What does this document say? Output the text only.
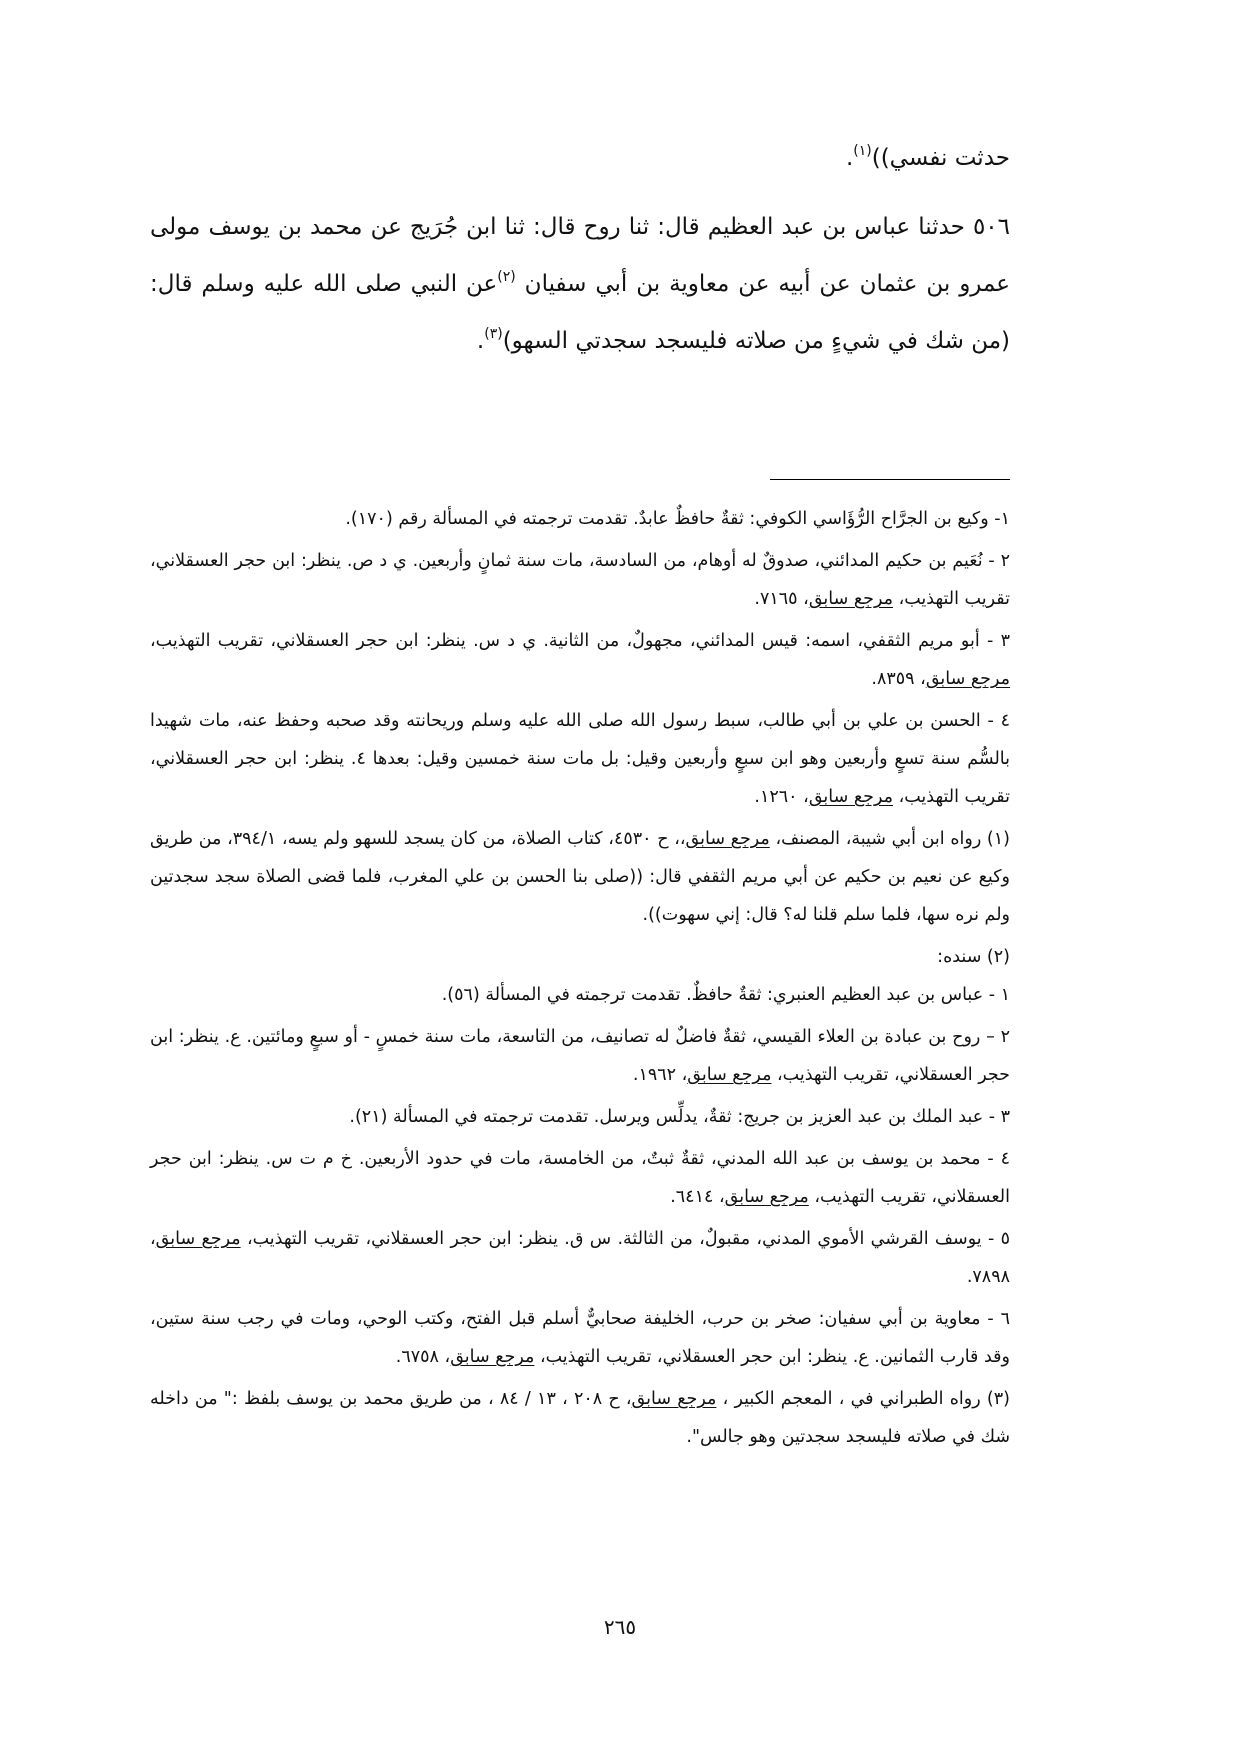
حدثت نفسي))$^{(١)}$.

٥٠٦ حدثنا عباس بن عبد العظيم قال: ثنا روح قال: ثنا ابن جُرَيج عن محمد بن يوسف مولى عمرو بن عثمان عن أبيه عن معاوية بن أبي سفيان $^{(٢)}$عن النبي صلى الله عليه وسلم قال: (من شك في شيءٍ من صلاته فليسجد سجدتي السهو)$^{(٣)}$.

١- وكيع بن الجرَّاح الرُّؤَاسي الكوفي: ثقةٌ حافظٌ عابدٌ. تقدمت ترجمته في المسألة رقم (١٧٠).

٢ - نُعَيم بن حكيم المدائني، صدوقٌ له أوهام، من السادسة، مات سنة ثمانٍ وأربعين. ي د ص. ينظر: ابن حجر العسقلاني، تقريب التهذيب، مرجع سابق، ٧١٦٥.

٣ - أبو مريم الثقفي، اسمه: قيس المدائني، مجهولٌ، من الثانية. ي د س. ينظر: ابن حجر العسقلاني، تقريب التهذيب، مرجع سابق، ٨٣٥٩.

٤ - الحسن بن علي بن أبي طالب، سبط رسول الله صلى الله عليه وسلم وريحانته وقد صحبه وحفظ عنه، مات شهيدا بالسُّم سنة تسعٍ وأربعين وهو ابن سبعٍ وأربعين وقيل: بل مات سنة خمسين وقيل: بعدها ٤. ينظر: ابن حجر العسقلاني، تقريب التهذيب، مرجع سابق، ١٢٦٠.

(١) رواه ابن أبي شيبة، المصنف، مرجع سابق،، ح ٤٥٣٠، كتاب الصلاة، من كان يسجد للسهو ولم يسه، ٣٩٤/١، من طريق وكيع عن نعيم بن حكيم عن أبي مريم الثقفي قال: ((صلى بنا الحسن بن علي المغرب، فلما قضى الصلاة سجد سجدتين ولم نره سها، فلما سلم قلنا له؟ قال: إني سهوت)).

(٢) سنده:

١ - عباس بن عبد العظيم العنبري: ثقةٌ حافظٌ. تقدمت ترجمته في المسألة (٥٦).

٢ – روح بن عبادة بن العلاء القيسي، ثقةٌ فاضلٌ له تصانيف، من التاسعة، مات سنة خمسٍ - أو سبعٍ ومائتين. ع. ينظر: ابن حجر العسقلاني، تقريب التهذيب، مرجع سابق، ١٩٦٢.

٣ - عبد الملك بن عبد العزيز بن جريج: ثقةٌ، يدلِّس ويرسل. تقدمت ترجمته في المسألة (٢١).

٤ - محمد بن يوسف بن عبد الله المدني، ثقةٌ ثبتٌ، من الخامسة، مات في حدود الأربعين. خ م ت س. ينظر: ابن حجر العسقلاني، تقريب التهذيب، مرجع سابق، ٦٤١٤.

٥ - يوسف القرشي الأموي المدني، مقبولٌ، من الثالثة. س ق. ينظر: ابن حجر العسقلاني، تقريب التهذيب، مرجع سابق، ٧٨٩٨.

٦ - معاوية بن أبي سفيان: صخر بن حرب، الخليفة صحابيٌّ أسلم قبل الفتح، وكتب الوحي، ومات في رجب سنة ستين، وقد قارب الثمانين. ع. ينظر: ابن حجر العسقلاني، تقريب التهذيب، مرجع سابق، ٦٧٥٨.

(٣) رواه الطبراني في ، المعجم الكبير ، مرجع سابق، ح ٢٠٨ ، ١٣ / ٨٤ ، من طريق محمد بن يوسف بلفظ :" من داخله شك في صلاته فليسجد سجدتين وهو جالس".

٢٦٥
